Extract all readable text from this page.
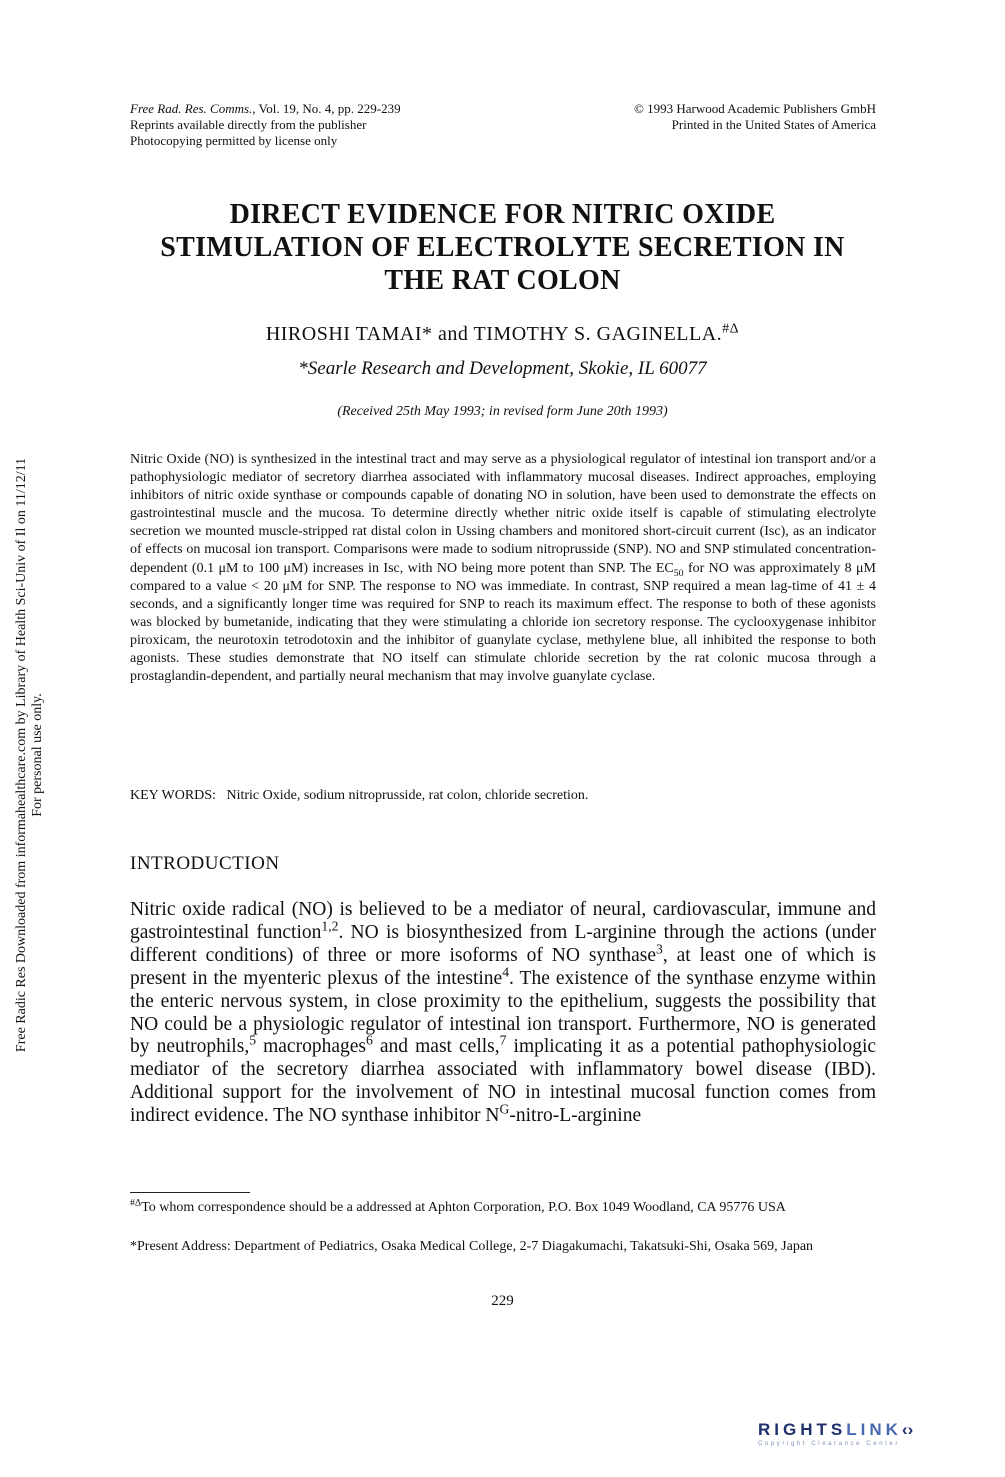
Free Rad. Res. Comms., Vol. 19, No. 4, pp. 229-239
Reprints available directly from the publisher
Photocopying permitted by license only
© 1993 Harwood Academic Publishers GmbH
Printed in the United States of America
DIRECT EVIDENCE FOR NITRIC OXIDE
STIMULATION OF ELECTROLYTE SECRETION IN
THE RAT COLON
HIROSHI TAMAI* and TIMOTHY S. GAGINELLA.$^{\#\Delta}$
*Searle Research and Development, Skokie, IL 60077
(Received 25th May 1993; in revised form June 20th 1993)
Nitric Oxide (NO) is synthesized in the intestinal tract and may serve as a physiological regulator of intestinal ion transport and/or a pathophysiologic mediator of secretory diarrhea associated with inflammatory mucosal diseases. Indirect approaches, employing inhibitors of nitric oxide synthase or compounds capable of donating NO in solution, have been used to demonstrate the effects on gastrointestinal muscle and the mucosa. To determine directly whether nitric oxide itself is capable of stimulating electrolyte secretion we mounted muscle-stripped rat distal colon in Ussing chambers and monitored short-circuit current (Isc), as an indicator of effects on mucosal ion transport. Comparisons were made to sodium nitroprusside (SNP). NO and SNP stimulated concentration-dependent (0.1 μM to 100 μM) increases in Isc, with NO being more potent than SNP. The $EC_{50}$ for NO was approximately 8 μM compared to a value < 20 μM for SNP. The response to NO was immediate. In contrast, SNP required a mean lag-time of 41 ± 4 seconds, and a significantly longer time was required for SNP to reach its maximum effect. The response to both of these agonists was blocked by bumetanide, indicating that they were stimulating a chloride ion secretory response. The cyclooxygenase inhibitor piroxicam, the neurotoxin tetrodotoxin and the inhibitor of guanylate cyclase, methylene blue, all inhibited the response to both agonists. These studies demonstrate that NO itself can stimulate chloride secretion by the rat colonic mucosa through a prostaglandin-dependent, and partially neural mechanism that may involve guanylate cyclase.
KEY WORDS: Nitric Oxide, sodium nitroprusside, rat colon, chloride secretion.
INTRODUCTION
Nitric oxide radical (NO) is believed to be a mediator of neural, cardiovascular, immune and gastrointestinal function$^{1,2}$. NO is biosynthesized from L-arginine through the actions (under different conditions) of three or more isoforms of NO synthase$^3$, at least one of which is present in the myenteric plexus of the intestine$^4$. The existence of the synthase enzyme within the enteric nervous system, in close proximity to the epithelium, suggests the possibility that NO could be a physiologic regulator of intestinal ion transport. Furthermore, NO is generated by neutrophils,$^5$ macrophages$^6$ and mast cells,$^7$ implicating it as a potential pathophysiologic mediator of the secretory diarrhea associated with inflammatory bowel disease (IBD). Additional support for the involvement of NO in intestinal mucosal function comes from indirect evidence. The NO synthase inhibitor $N^G-nitro-L$-arginine
$^{\#\Delta}$To whom correspondence should be a addressed at Aphton Corporation, P.O. Box 1049 Woodland, CA 95776 USA
*Present Address: Department of Pediatrics, Osaka Medical College, 2-7 Diagakumachi, Takatsuki-Shi, Osaka 569, Japan
229
Free Radic Res Downloaded from informahealthcare.com by Library of Health Sci-Univ of Il on 11/12/11 For personal use only.
RIGHTSLINK‹›
Copyright Clearance Center
